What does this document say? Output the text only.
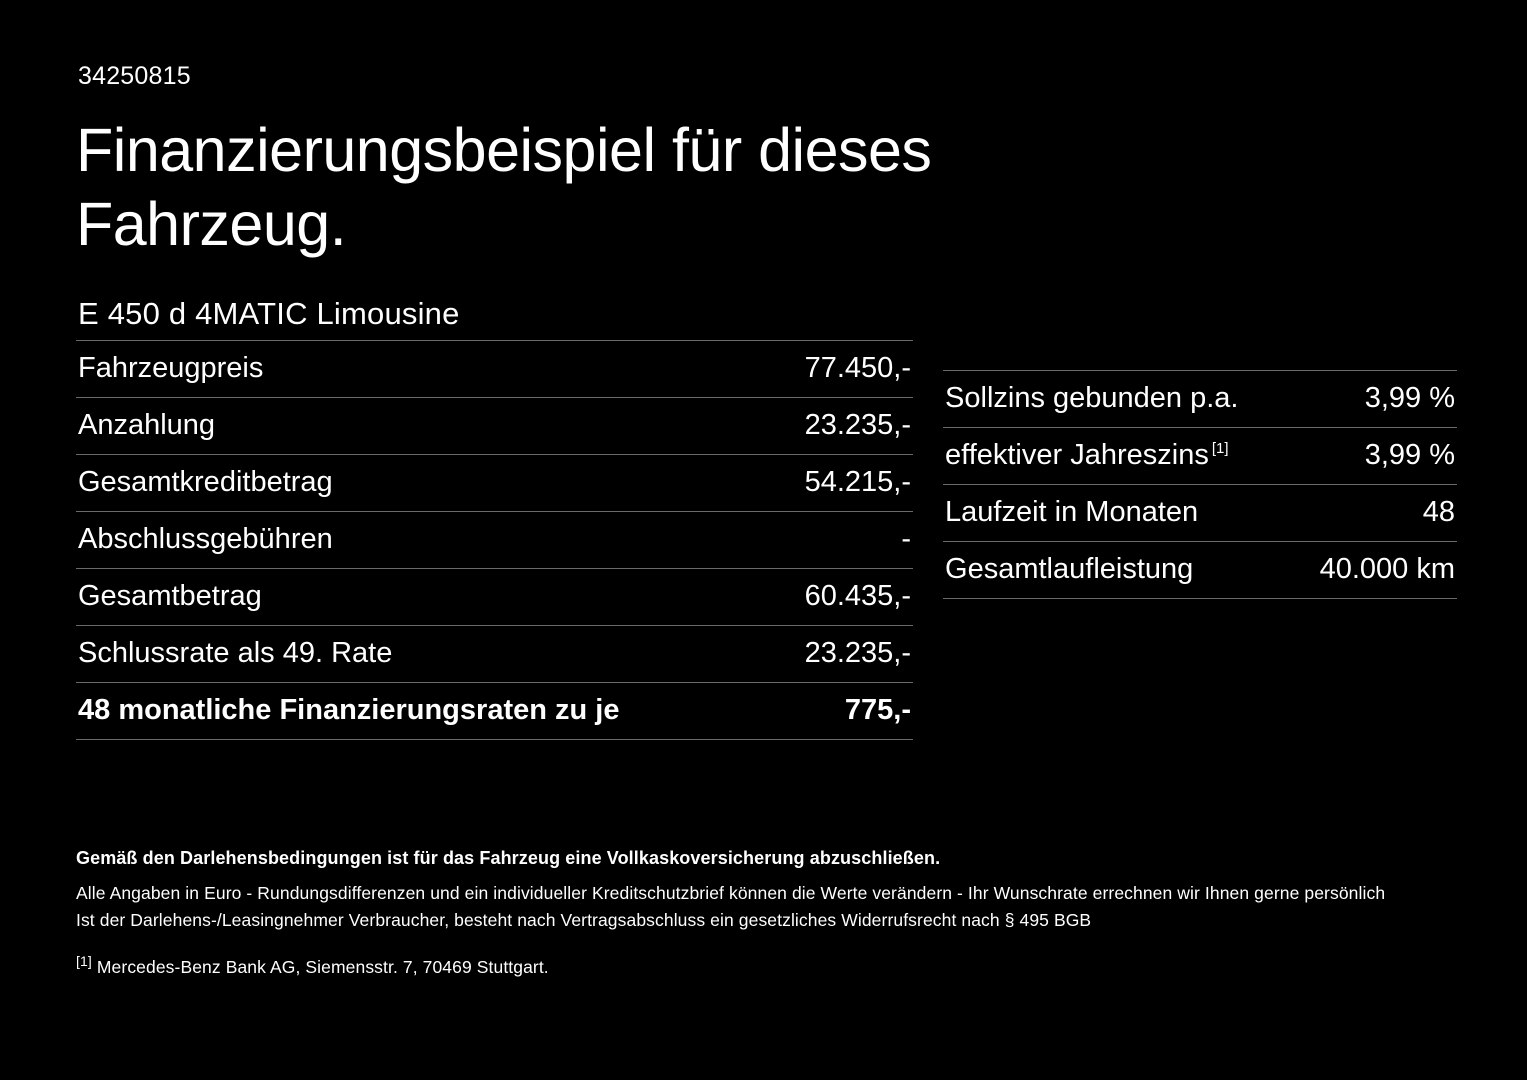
34250815
Finanzierungsbeispiel für dieses Fahrzeug.
E 450 d 4MATIC Limousine
Fahrzeugpreis	77.450,-
Anzahlung	23.235,-
Gesamtkreditbetrag	54.215,-
Abschlussgebühren	-
Gesamtbetrag	60.435,-
Schlussrate als 49. Rate	23.235,-
48 monatliche Finanzierungsraten zu je	775,-
Sollzins gebunden p.a.	3,99 %
effektiver Jahreszins [1]	3,99 %
Laufzeit in Monaten	48
Gesamtlaufleistung	40.000 km

Gemäß den Darlehensbedingungen ist für das Fahrzeug eine Vollkaskoversicherung abzuschließen.

Alle Angaben in Euro - Rundungsdifferenzen und ein individueller Kreditschutzbrief können die Werte verändern - Ihr Wunschrate errechnen wir Ihnen gerne persönlich

Ist der Darlehens-/Leasingnehmer Verbraucher, besteht nach Vertragsabschluss ein gesetzliches Widerrufsrecht nach § 495 BGB

[1] Mercedes-Benz Bank AG, Siemensstr. 7, 70469 Stuttgart.
